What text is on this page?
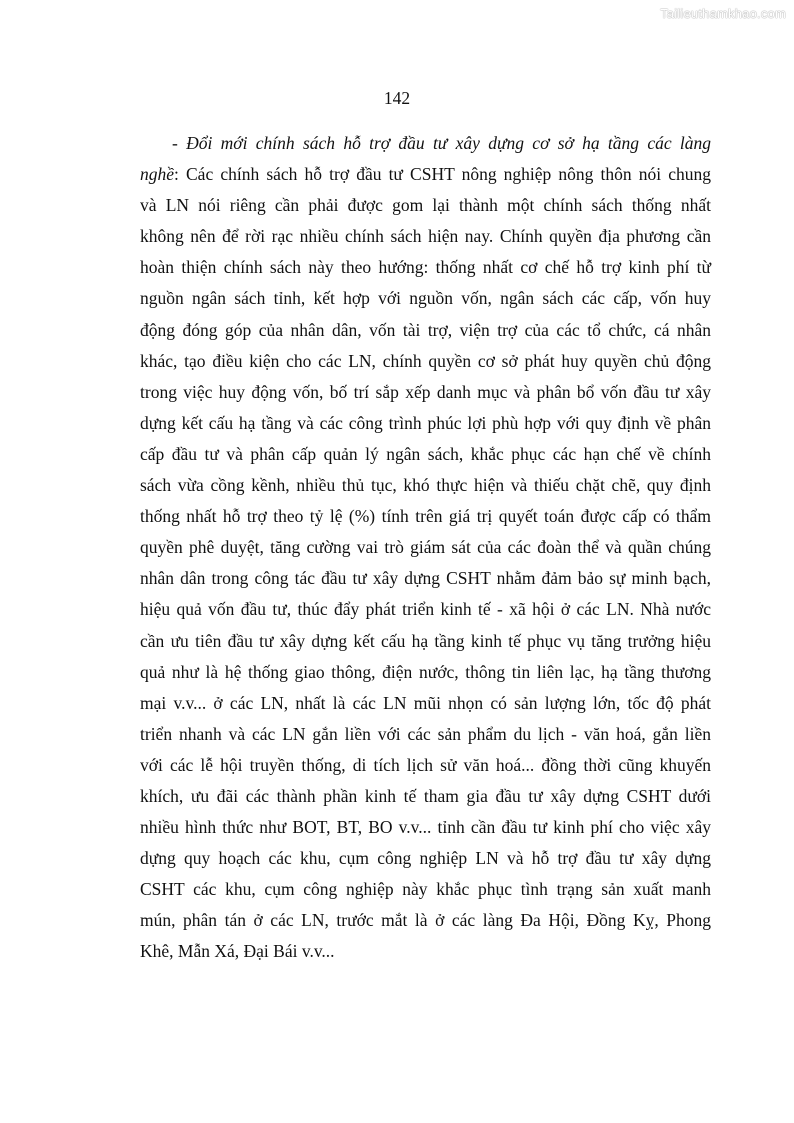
Tailieuthamkhao.com
142
- Đổi mới chính sách hỗ trợ đầu tư xây dựng cơ sở hạ tầng các làng
nghề: Các chính sách hỗ trợ đầu tư CSHT nông nghiệp nông thôn nói chung
và LN nói riêng cần phải được gom lại thành một chính sách thống nhất
không nên để rời rạc nhiều chính sách hiện nay. Chính quyền địa phương cần
hoàn thiện chính sách này theo hướng: thống nhất cơ chế hỗ trợ kinh phí từ
nguồn ngân sách tỉnh, kết hợp với nguồn vốn, ngân sách các cấp, vốn huy
động đóng góp của nhân dân, vốn tài trợ, viện trợ của các tổ chức, cá nhân
khác, tạo điều kiện cho các LN, chính quyền cơ sở phát huy quyền chủ động
trong việc huy động vốn, bố trí sắp xếp danh mục và phân bổ vốn đầu tư xây
dựng kết cấu hạ tầng và các công trình phúc lợi phù hợp với quy định về phân
cấp đầu tư và phân cấp quản lý ngân sách, khắc phục các hạn chế về chính
sách vừa cồng kềnh, nhiều thủ tục, khó thực hiện và thiếu chặt chẽ, quy định
thống nhất hỗ trợ theo tỷ lệ (%) tính trên giá trị quyết toán được cấp có thẩm
quyền phê duyệt, tăng cường vai trò giám sát của các đoàn thể và quần chúng
nhân dân trong công tác đầu tư xây dựng CSHT nhằm đảm bảo sự minh bạch,
hiệu quả vốn đầu tư, thúc đẩy phát triển kinh tế - xã hội ở các LN. Nhà nước
cần ưu tiên đầu tư xây dựng kết cấu hạ tầng kinh tế phục vụ tăng trưởng hiệu
quả như là hệ thống giao thông, điện nước, thông tin liên lạc, hạ tầng thương
mại v.v... ở các LN, nhất là các LN mũi nhọn có sản lượng lớn, tốc độ phát
triển nhanh và các LN gắn liền với các sản phẩm du lịch - văn hoá, gắn liền
với các lễ hội truyền thống, di tích lịch sử văn hoá... đồng thời cũng khuyến
khích, ưu đãi các thành phần kinh tế tham gia đầu tư xây dựng CSHT dưới
nhiều hình thức như BOT, BT, BO v.v... tỉnh cần đầu tư kinh phí cho việc xây
dựng quy hoạch các khu, cụm công nghiệp LN và hỗ trợ đầu tư xây dựng
CSHT các khu, cụm công nghiệp này khắc phục tình trạng sản xuất manh
mún, phân tán ở các LN, trước mắt là ở các làng Đa Hội, Đồng Kỵ, Phong
Khê, Mẫn Xá, Đại Bái v.v...
